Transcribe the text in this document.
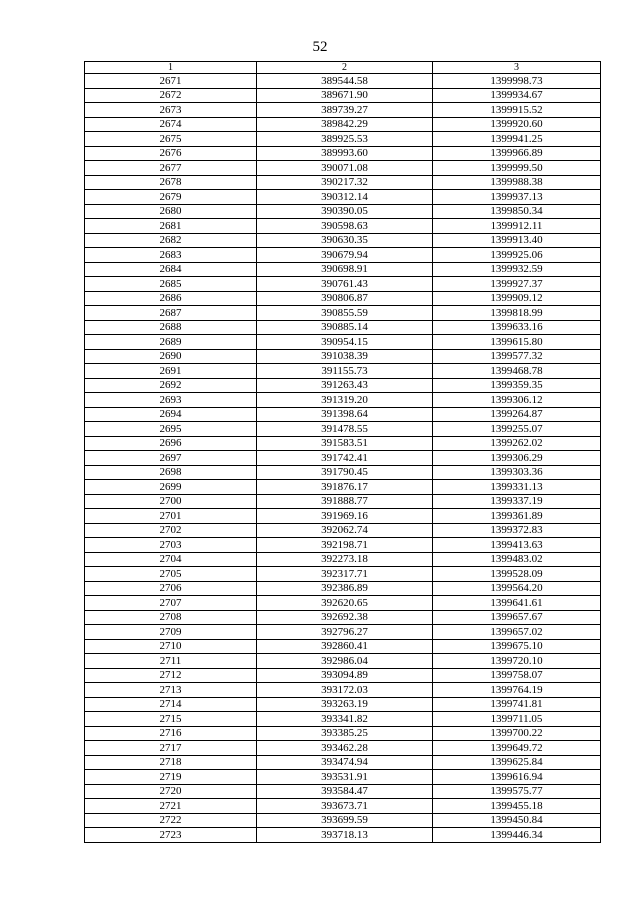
52
1	2	3
2671	389544.58	1399998.73
2672	389671.90	1399934.67
2673	389739.27	1399915.52
2674	389842.29	1399920.60
2675	389925.53	1399941.25
2676	389993.60	1399966.89
2677	390071.08	1399999.50
2678	390217.32	1399988.38
2679	390312.14	1399937.13
2680	390390.05	1399850.34
2681	390598.63	1399912.11
2682	390630.35	1399913.40
2683	390679.94	1399925.06
2684	390698.91	1399932.59
2685	390761.43	1399927.37
2686	390806.87	1399909.12
2687	390855.59	1399818.99
2688	390885.14	1399633.16
2689	390954.15	1399615.80
2690	391038.39	1399577.32
2691	391155.73	1399468.78
2692	391263.43	1399359.35
2693	391319.20	1399306.12
2694	391398.64	1399264.87
2695	391478.55	1399255.07
2696	391583.51	1399262.02
2697	391742.41	1399306.29
2698	391790.45	1399303.36
2699	391876.17	1399331.13
2700	391888.77	1399337.19
2701	391969.16	1399361.89
2702	392062.74	1399372.83
2703	392198.71	1399413.63
2704	392273.18	1399483.02
2705	392317.71	1399528.09
2706	392386.89	1399564.20
2707	392620.65	1399641.61
2708	392692.38	1399657.67
2709	392796.27	1399657.02
2710	392860.41	1399675.10
2711	392986.04	1399720.10
2712	393094.89	1399758.07
2713	393172.03	1399764.19
2714	393263.19	1399741.81
2715	393341.82	1399711.05
2716	393385.25	1399700.22
2717	393462.28	1399649.72
2718	393474.94	1399625.84
2719	393531.91	1399616.94
2720	393584.47	1399575.77
2721	393673.71	1399455.18
2722	393699.59	1399450.84
2723	393718.13	1399446.34
